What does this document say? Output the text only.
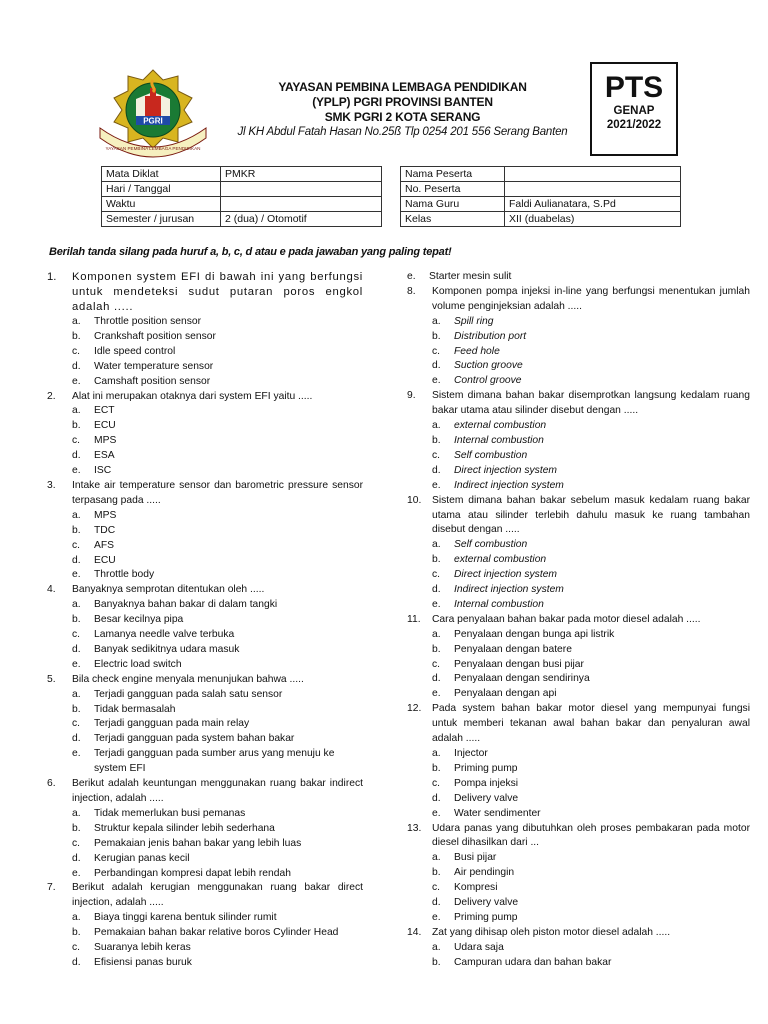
PGRI
YAYASAN PEMBINA LEMBAGA PENDIDIKAN
YAYASAN PEMBINA LEMBAGA PENDIDIKAN
(YPLP) PGRI PROVINSI BANTEN
SMK PGRI 2 KOTA SERANG
Jl KH Abdul Fatah Hasan No.25ß Tlp 0254 201 556 Serang Banten
PTS
GENAP
2021/2022
Mata Diklat	PMKR
Hari / Tanggal	
Waktu	
Semester / jurusan	2 (dua) / Otomotif
Nama Peserta	
No. Peserta	
Nama Guru	Faldi Aulianatara, S.Pd
Kelas	XII (duabelas)
Berilah tanda silang pada huruf a, b, c, d atau e pada jawaban yang paling tepat!
1. Komponen system EFI di bawah ini yang berfungsi untuk mendeteksi sudut putaran poros engkol adalah .....
a. Throttle position sensor
b. Crankshaft position sensor
c. Idle speed control
d. Water temperature sensor
e. Camshaft position sensor
2. Alat ini merupakan otaknya dari system EFI yaitu .....
a. ECT
b. ECU
c. MPS
d. ESA
e. ISC
3. Intake air temperature sensor dan barometric pressure sensor terpasang pada .....
a. MPS
b. TDC
c. AFS
d. ECU
e. Throttle body
4. Banyaknya semprotan ditentukan oleh .....
a. Banyaknya bahan bakar di dalam tangki
b. Besar kecilnya pipa
c. Lamanya needle valve terbuka
d. Banyak sedikitnya udara masuk
e. Electric load switch
5. Bila check engine menyala menunjukan bahwa .....
a. Terjadi gangguan pada salah satu sensor
b. Tidak bermasalah
c. Terjadi gangguan pada main relay
d. Terjadi gangguan pada system bahan bakar
e. Terjadi gangguan pada sumber arus yang menuju ke system EFI
6. Berikut adalah keuntungan menggunakan ruang bakar indirect injection, adalah .....
a. Tidak memerlukan busi pemanas
b. Struktur kepala silinder lebih sederhana
c. Pemakaian jenis bahan bakar yang lebih luas
d. Kerugian panas kecil
e. Perbandingan kompresi dapat lebih rendah
7. Berikut adalah kerugian menggunakan ruang bakar direct injection, adalah .....
a. Biaya tinggi karena bentuk silinder rumit
b. Pemakaian bahan bakar relative boros Cylinder Head
c. Suaranya lebih keras
d. Efisiensi panas buruk
e. Starter mesin sulit
8. Komponen pompa injeksi in-line yang berfungsi menentukan jumlah volume penginjeksian adalah .....
a. Spill ring
b. Distribution port
c. Feed hole
d. Suction groove
e. Control groove
9. Sistem dimana bahan bakar disemprotkan langsung kedalam ruang bakar utama atau silinder disebut dengan .....
a. external combustion
b. Internal combustion
c. Self combustion
d. Direct injection system
e. Indirect injection system
10. Sistem dimana bahan bakar sebelum masuk kedalam ruang bakar utama atau silinder terlebih dahulu masuk ke ruang tambahan disebut dengan .....
a. Self combustion
b. external combustion
c. Direct injection system
d. Indirect injection system
e. Internal combustion
11. Cara penyalaan bahan bakar pada motor diesel adalah .....
a. Penyalaan dengan bunga api listrik
b. Penyalaan dengan batere
c. Penyalaan dengan busi pijar
d. Penyalaan dengan sendirinya
e. Penyalaan dengan api
12. Pada system bahan bakar motor diesel yang mempunyai fungsi untuk memberi tekanan awal bahan bakar dan penyaluran awal adalah .....
a. Injector
b. Priming pump
c. Pompa injeksi
d. Delivery valve
e. Water sendimenter
13. Udara panas yang dibutuhkan oleh proses pembakaran pada motor diesel dihasilkan dari ...
a. Busi pijar
b. Air pendingin
c. Kompresi
d. Delivery valve
e. Priming pump
14. Zat yang dihisap oleh piston motor diesel adalah .....
a. Udara saja
b. Campuran udara dan bahan bakar
